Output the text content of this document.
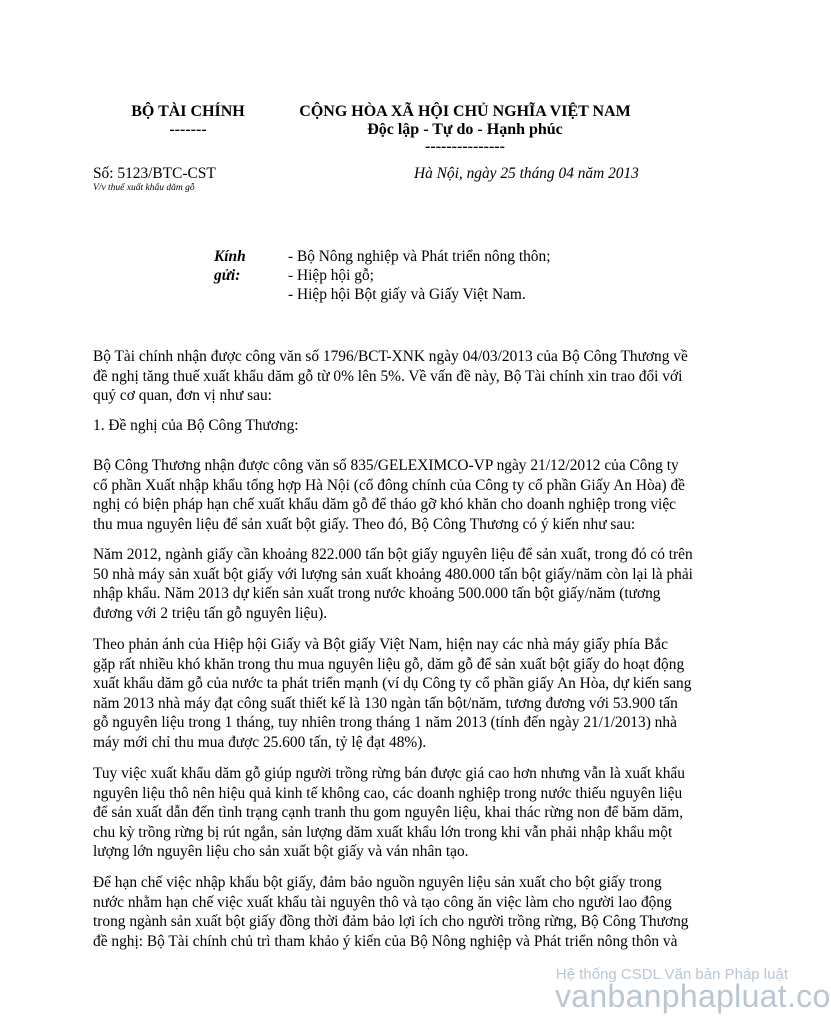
BỘ TÀI CHÍNH
-------
CỘNG HÒA XÃ HỘI CHỦ NGHĨA VIỆT NAM
Độc lập - Tự do - Hạnh phúc
---------------
Số: 5123/BTC-CST
V/v thuế xuất khẩu dăm gỗ
Hà Nội, ngày 25 tháng 04 năm 2013
Kính gửi:
- Bộ Nông nghiệp và Phát triển nông thôn;
- Hiệp hội gỗ;
- Hiệp hội Bột giấy và Giấy Việt Nam.
Bộ Tài chính nhận được công văn số 1796/BCT-XNK ngày 04/03/2013 của Bộ Công Thương về
đề nghị tăng thuế xuất khẩu dăm gỗ từ 0% lên 5%. Về vấn đề này, Bộ Tài chính xin trao đổi với
quý cơ quan, đơn vị như sau:
1. Đề nghị của Bộ Công Thương:
Bộ Công Thương nhận được công văn số 835/GELEXIMCO-VP ngày 21/12/2012 của Công ty
cổ phần Xuất nhập khẩu tổng hợp Hà Nội (cổ đông chính của Công ty cổ phần Giấy An Hòa) đề
nghị có biện pháp hạn chế xuất khẩu dăm gỗ để tháo gỡ khó khăn cho doanh nghiệp trong việc
thu mua nguyên liệu để sản xuất bột giấy. Theo đó, Bộ Công Thương có ý kiến như sau:
Năm 2012, ngành giấy cần khoảng 822.000 tấn bột giấy nguyên liệu để sản xuất, trong đó có trên
50 nhà máy sản xuất bột giấy với lượng sản xuất khoảng 480.000 tấn bột giấy/năm còn lại là phải
nhập khẩu. Năm 2013 dự kiến sản xuất trong nước khoảng 500.000 tấn bột giấy/năm (tương
đương với 2 triệu tấn gỗ nguyên liệu).
Theo phản ánh của Hiệp hội Giấy và Bột giấy Việt Nam, hiện nay các nhà máy giấy phía Bắc
gặp rất nhiều khó khăn trong thu mua nguyên liệu gỗ, dăm gỗ để sản xuất bột giấy do hoạt động
xuất khẩu dăm gỗ của nước ta phát triển mạnh (ví dụ Công ty cổ phần giấy An Hòa, dự kiến sang
năm 2013 nhà máy đạt công suất thiết kế là 130 ngàn tấn bột/năm, tương đương với 53.900 tấn
gỗ nguyên liệu trong 1 tháng, tuy nhiên trong tháng 1 năm 2013 (tính đến ngày 21/1/2013) nhà
máy mới chỉ thu mua được 25.600 tấn, tỷ lệ đạt 48%).
Tuy việc xuất khẩu dăm gỗ giúp người trồng rừng bán được giá cao hơn nhưng vẫn là xuất khẩu
nguyên liệu thô nên hiệu quả kinh tế không cao, các doanh nghiệp trong nước thiếu nguyên liệu
để sản xuất dẫn đến tình trạng cạnh tranh thu gom nguyên liệu, khai thác rừng non để băm dăm,
chu kỳ trồng rừng bị rút ngắn, sản lượng dăm xuất khẩu lớn trong khi vẫn phải nhập khẩu một
lượng lớn nguyên liệu cho sản xuất bột giấy và ván nhân tạo.
Để hạn chế việc nhập khẩu bột giấy, đảm bảo nguồn nguyên liệu sản xuất cho bột giấy trong
nước nhằm hạn chế việc xuất khẩu tài nguyên thô và tạo công ăn việc làm cho người lao động
trong ngành sản xuất bột giấy đồng thời đảm bảo lợi ích cho người trồng rừng, Bộ Công Thương
đề nghị: Bộ Tài chính chủ trì tham khảo ý kiến của Bộ Nông nghiệp và Phát triển nông thôn và
Hệ thống CSDL Văn bản Pháp luật
vanbanphapluat.co
